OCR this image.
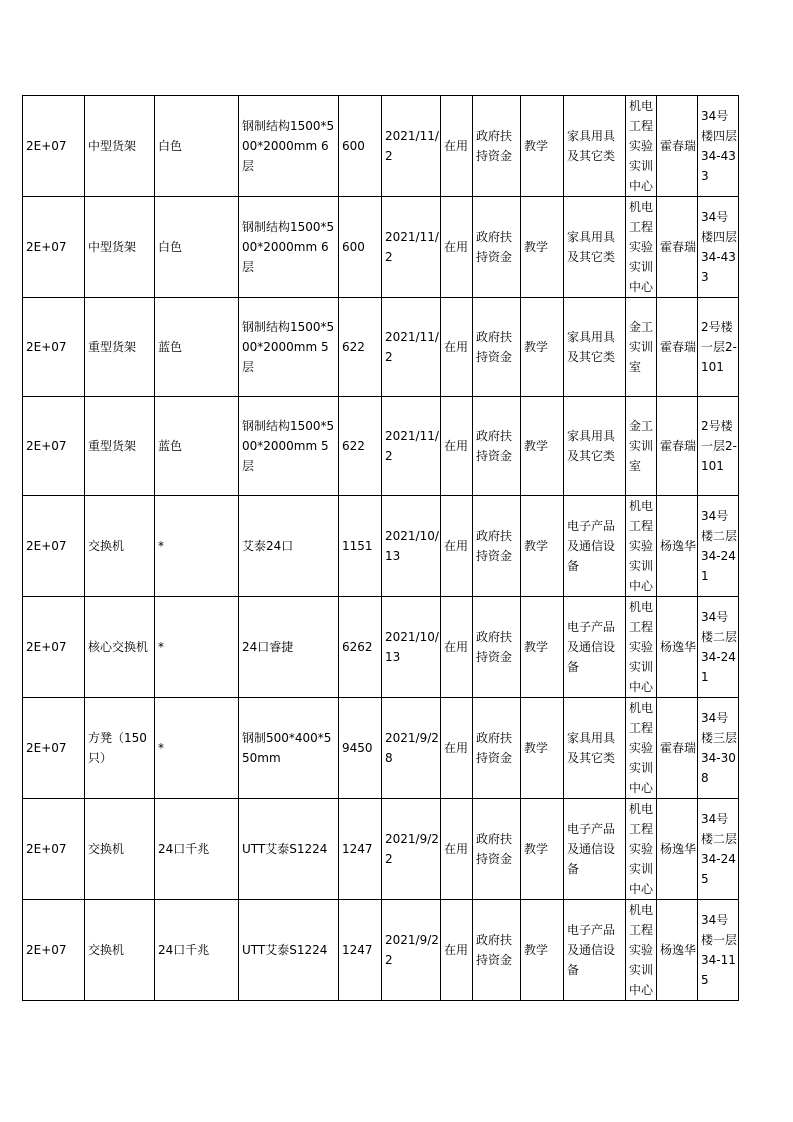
2E+07	中型货架	白色	钢制结构1500*500*2000mm 6层	600	2021/11/2	在用	政府扶持资金	教学	家具用具及其它类	机电工程实验实训中心	霍春瑞	34号楼四层34-433
2E+07	中型货架	白色	钢制结构1500*500*2000mm 6层	600	2021/11/2	在用	政府扶持资金	教学	家具用具及其它类	机电工程实验实训中心	霍春瑞	34号楼四层34-433
2E+07	重型货架	蓝色	钢制结构1500*500*2000mm 5层	622	2021/11/2	在用	政府扶持资金	教学	家具用具及其它类	金工实训室	霍春瑞	2号楼一层2-101
2E+07	重型货架	蓝色	钢制结构1500*500*2000mm 5层	622	2021/11/2	在用	政府扶持资金	教学	家具用具及其它类	金工实训室	霍春瑞	2号楼一层2-101
2E+07	交换机	*	艾泰24口	1151	2021/10/13	在用	政府扶持资金	教学	电子产品及通信设备	机电工程实验实训中心	杨逸华	34号楼二层34-241
2E+07	核心交换机	*	24口睿捷	6262	2021/10/13	在用	政府扶持资金	教学	电子产品及通信设备	机电工程实验实训中心	杨逸华	34号楼二层34-241
2E+07	方凳（150只）	*	钢制500*400*550mm	9450	2021/9/28	在用	政府扶持资金	教学	家具用具及其它类	机电工程实验实训中心	霍春瑞	34号楼三层34-308
2E+07	交换机	24口千兆	UTT艾泰S1224	1247	2021/9/22	在用	政府扶持资金	教学	电子产品及通信设备	机电工程实验实训中心	杨逸华	34号楼二层34-245
2E+07	交换机	24口千兆	UTT艾泰S1224	1247	2021/9/22	在用	政府扶持资金	教学	电子产品及通信设备	机电工程实验实训中心	杨逸华	34号楼一层34-115
